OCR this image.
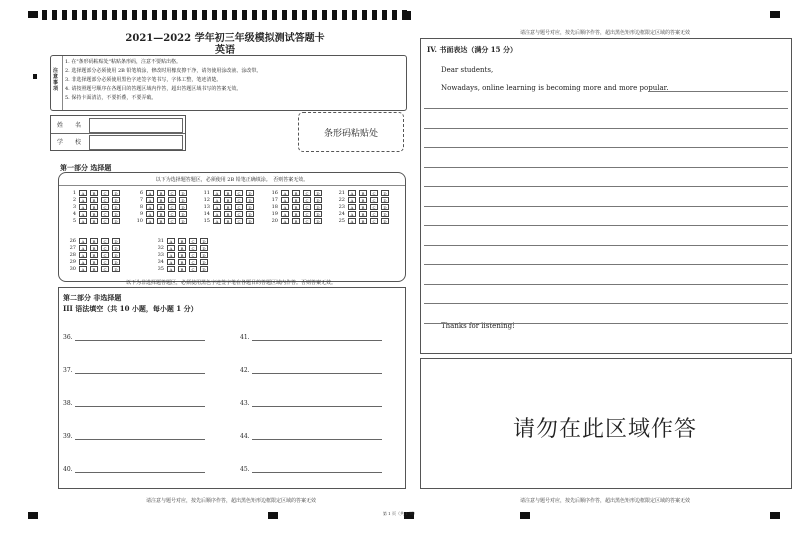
2021—2022 学年初三年级模拟测试答题卡
英语
注意事项
1. 在"条形码粘贴处"粘贴条形码，注意不要贴出格。
2. 选择题部分必须使用 2B 铅笔填涂，修改时用橡皮擦干净，请勿使用涂改液、涂改带。
3. 非选择题部分必须使用黑色字迹签字笔书写，字体工整，笔迹清楚。
4. 请按照题号顺序在各题目的答题区域内作答，超出答题区域书写的答案无效。
5. 保持卡面清洁，不要折叠，不要弄破。
姓　　名
学　　校
条形码粘贴处
第一部分 选择题
以下为选择题答题区，必须使用 2B 铅笔正确填涂。　否则答案无效。
1	A	B	C	D
2	A	B	C	D
3	A	B	C	D
4	A	B	C	D
5	A	B	C	D
6	A	B	C	D
7	A	B	C	D
8	A	B	C	D
9	A	B	C	D
10	A	B	C	D
11	A	B	C	D
12	A	B	C	D
13	A	B	C	D
14	A	B	C	D
15	A	B	C	D
16	A	B	C	D
17	A	B	C	D
18	A	B	C	D
19	A	B	C	D
20	A	B	C	D
21	A	B	C	D
22	A	B	C	D
23	A	B	C	D
24	A	B	C	D
25	A	B	C	D
26	A	B	C	D
27	A	B	C	D
28	A	B	C	D
29	A	B	C	D
30	A	B	C	D
31	A	B	C	D
32	A	B	C	D
33	A	B	C	D
34	A	B	C	D
35	A	B	C	D
以下为非选择题答题区，必须使用黑色字迹签字笔在各题目的答题区域内作答。否则答案无效。
第二部分 非选择题
III 语法填空（共 10 小题，每小题 1 分）
36.	41.
37.	42.
38.	43.
39.	44.
40.	45.
请注意与题号对应，按先后顺序作答，超出黑色矩形边框限定区域的答案无效
请注意与题号对应，按先后顺序作答，超出黑色矩形边框限定区域的答案无效
IV. 书面表达（满分 15 分）
Dear students,
Nowadays, online learning is becoming more and more popular.
Thanks for listening!
请勿在此区域作答
请注意与题号对应，按先后顺序作答，超出黑色矩形边框限定区域的答案无效
第 1 页（共 1 页）
